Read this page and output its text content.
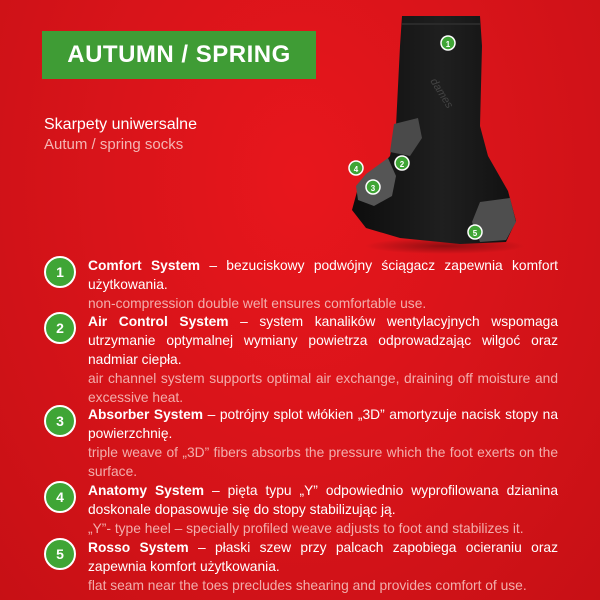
AUTUMN / SPRING
Skarpety uniwersalne
Autum / spring socks
dames
1
2
3
4
5
1	Comfort System – bezuciskowy podwójny ściągacz zapewnia komfort użytkowania.
non-compression double welt ensures comfortable use.
2	Air Control System – system kanalików wentylacyjnych wspomaga utrzymanie optymalnej wymiany powietrza odprowadzając wilgoć oraz nadmiar ciepła.
air channel system supports optimal air exchange, draining off moisture and excessive heat.
3	Absorber System – potrójny splot włókien „3D” amortyzuje nacisk stopy na powierzchnię.
triple weave of „3D” fibers absorbs the pressure which the foot exerts on the surface.
4	Anatomy System – pięta typu „Y” odpowiednio wyprofilowana dzianina doskonale dopasowuje się do stopy stabilizując ją.
„Y”- type heel – specially profiled weave adjusts to foot and stabilizes it.
5	Rosso System – płaski szew przy palcach zapobiega ocieraniu oraz zapewnia komfort użytkowania.
flat seam near the toes precludes shearing and provides comfort of use.
